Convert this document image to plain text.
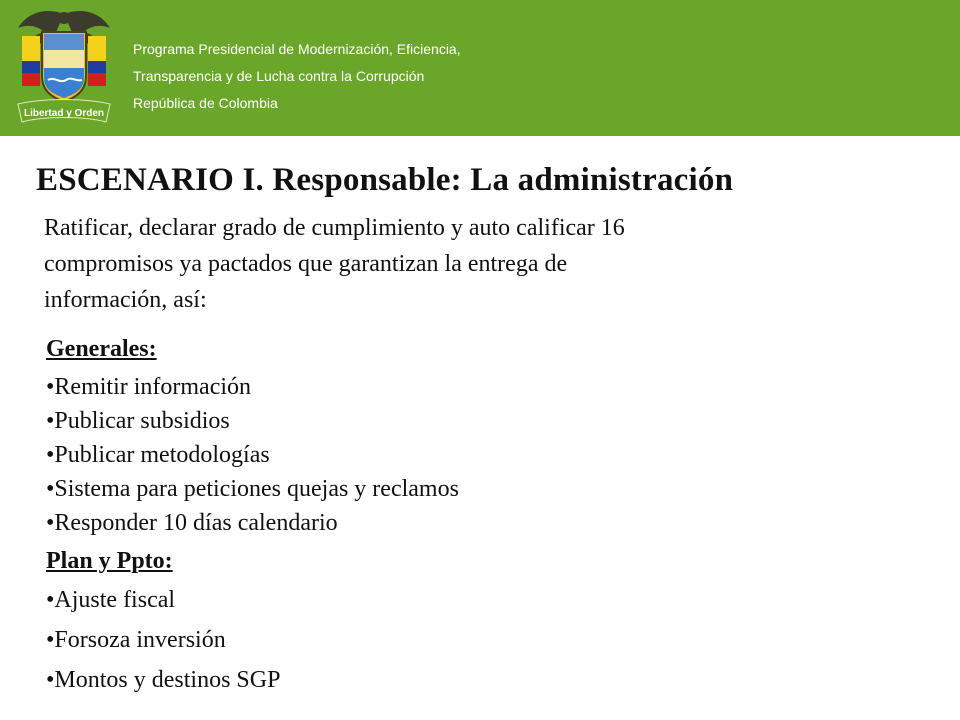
Libertad y Orden
Programa Presidencial de Modernización, Eficiencia,
Transparencia y de Lucha contra la Corrupción
República de Colombia
ESCENARIO I. Responsable: La administración
Ratificar, declarar grado de cumplimiento y auto calificar 16
compromisos ya pactados que garantizan la entrega de
información, así:
Generales:
•Remitir información
•Publicar subsidios
•Publicar metodologías
•Sistema para peticiones quejas y reclamos
•Responder 10 días calendario
Plan y Ppto:
•Ajuste fiscal
•Forsoza inversión
•Montos y destinos SGP
